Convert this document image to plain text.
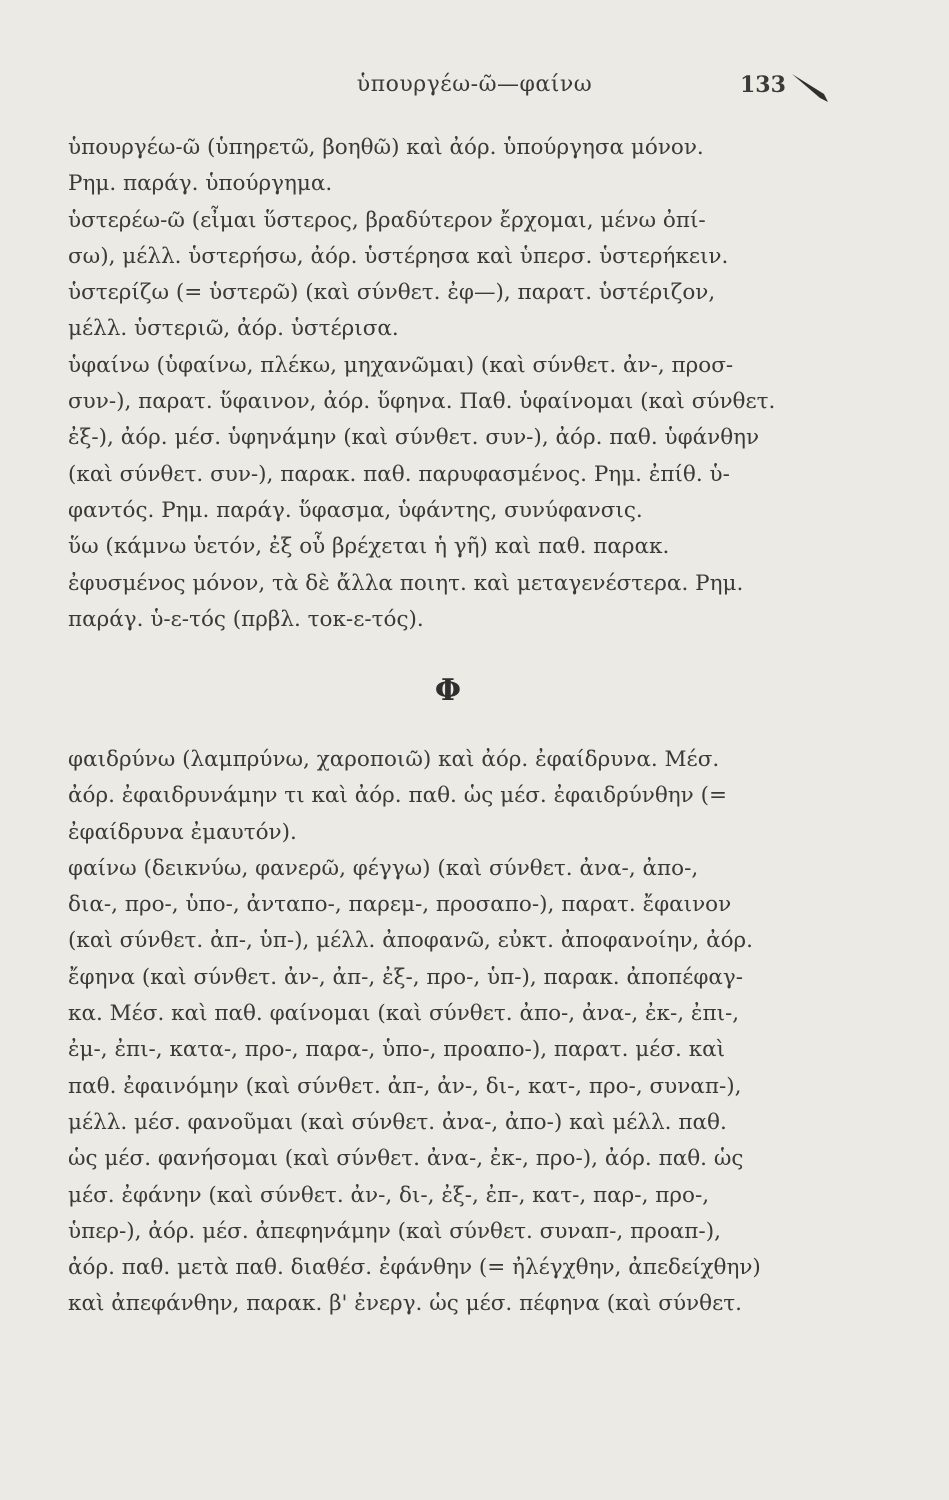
ὑπουργέω-ῶ—φαίνω	133
ὑπουργέω-ῶ (ὑπηρετῶ, βοηθῶ) καὶ ἀόρ. ὑπούργησα μόνον.
Ρημ. παράγ. ὑπούργημα.
ὑστερέω-ῶ (εἶμαι ὕστερος, βραδύτερον ἔρχομαι, μένω ὀπί-
σω), μέλλ. ὑστερήσω, ἀόρ. ὑστέρησα καὶ ὑπερσ. ὑστερήκειν.
ὑστερίζω (= ὑστερῶ) (καὶ σύνθετ. ἐφ—), παρατ. ὑστέριζον,
μέλλ. ὑστεριῶ, ἀόρ. ὑστέρισα.
ὑφαίνω (ὑφαίνω, πλέκω, μηχανῶμαι) (καὶ σύνθετ. ἀν-, προσ-
συν-), παρατ. ὕφαινον, ἀόρ. ὕφηνα. Παθ. ὑφαίνομαι (καὶ σύνθετ.
ἐξ-), ἀόρ. μέσ. ὑφηνάμην (καὶ σύνθετ. συν-), ἀόρ. παθ. ὑφάνθην
(καὶ σύνθετ. συν-), παρακ. παθ. παρυφασμένος. Ρημ. ἐπίθ. ὑ-
φαντός. Ρημ. παράγ. ὕφασμα, ὑφάντης, συνύφανσις.
ὕω (κάμνω ὑετόν, ἐξ οὗ βρέχεται ἡ γῆ) καὶ παθ. παρακ.
ἐφυσμένος μόνον, τὰ δὲ ἄλλα ποιητ. καὶ μεταγενέστερα. Ρημ.
παράγ. ὑ-ε-τός (πρβλ. τοκ-ε-τός).
Φ
φαιδρύνω (λαμπρύνω, χαροποιῶ) καὶ ἀόρ. ἐφαίδρυνα. Μέσ.
ἀόρ. ἐφαιδρυνάμην τι καὶ ἀόρ. παθ. ὡς μέσ. ἐφαιδρύνθην (=
ἐφαίδρυνα ἐμαυτόν).
φαίνω (δεικνύω, φανερῶ, φέγγω) (καὶ σύνθετ. ἀνα-, ἀπο-,
δια-, προ-, ὑπο-, ἀνταπο-, παρεμ-, προσαπο-), παρατ. ἔφαινον
(καὶ σύνθετ. ἀπ-, ὑπ-), μέλλ. ἀποφανῶ, εὐκτ. ἀποφανοίην, ἀόρ.
ἔφηνα (καὶ σύνθετ. ἀν-, ἀπ-, ἐξ-, προ-, ὑπ-), παρακ. ἀποπέφαγ-
κα. Μέσ. καὶ παθ. φαίνομαι (καὶ σύνθετ. ἀπο-, ἀνα-, ἐκ-, ἐπι-,
ἐμ-, ἐπι-, κατα-, προ-, παρα-, ὑπο-, προαπο-), παρατ. μέσ. καὶ
παθ. ἐφαινόμην (καὶ σύνθετ. ἀπ-, ἀν-, δι-, κατ-, προ-, συναπ-),
μέλλ. μέσ. φανοῦμαι (καὶ σύνθετ. ἀνα-, ἀπο-) καὶ μέλλ. παθ.
ὡς μέσ. φανήσομαι (καὶ σύνθετ. ἀνα-, ἐκ-, προ-), ἀόρ. παθ. ὡς
μέσ. ἐφάνην (καὶ σύνθετ. ἀν-, δι-, ἐξ-, ἐπ-, κατ-, παρ-, προ-,
ὑπερ-), ἀόρ. μέσ. ἀπεφηνάμην (καὶ σύνθετ. συναπ-, προαπ-),
ἀόρ. παθ. μετὰ παθ. διαθέσ. ἐφάνθην (= ἠλέγχθην, ἀπεδείχθην)
καὶ ἀπεφάνθην, παρακ. β' ἐνεργ. ὡς μέσ. πέφηνα (καὶ σύνθετ.
